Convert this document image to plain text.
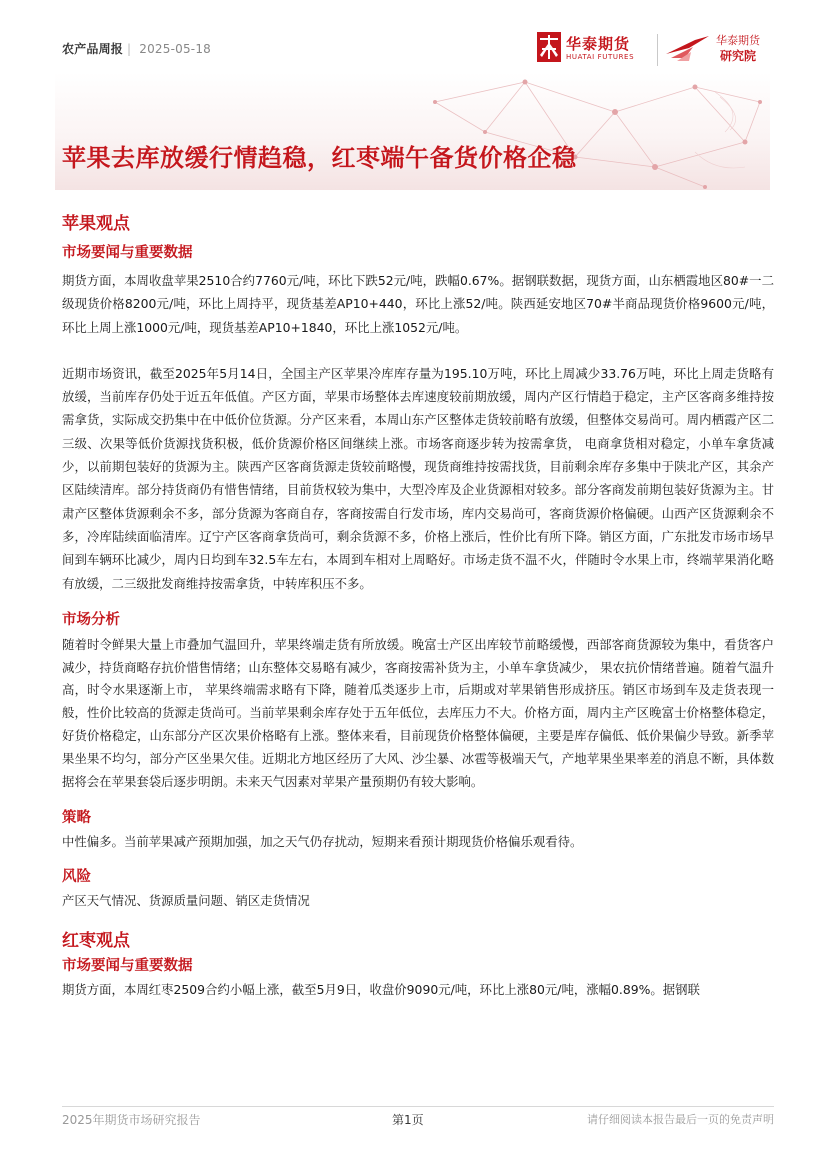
农产品周报 | 2025-05-18	华泰期货
HUATAI FUTURES
华泰期货
研究院
苹果去库放缓行情趋稳，红枣端午备货价格企稳
苹果观点
市场要闻与重要数据

期货方面，本周收盘苹果2510合约7760元/吨，环比下跌52元/吨，跌幅0.67%。据钢联数据，现货方面，山东栖霞地区80#一二级现货价格8200元/吨，环比上周持平，现货基差AP10+440，环比上涨52/吨。陕西延安地区70#半商品现货价格9600元/吨，环比上周上涨1000元/吨，现货基差AP10+1840，环比上涨1052元/吨。

近期市场资讯，截至2025年5月14日，全国主产区苹果冷库库存量为195.10万吨，环比上周减少33.76万吨，环比上周走货略有放缓，当前库存仍处于近五年低值。产区方面，苹果市场整体去库速度较前期放缓，周内产区行情趋于稳定，主产区客商多维持按需拿货，实际成交扔集中在中低价位货源。分产区来看，本周山东产区整体走货较前略有放缓，但整体交易尚可。周内栖霞产区二三级、次果等低价货源找货积极，低价货源价格区间继续上涨。市场客商逐步转为按需拿货， 电商拿货相对稳定，小单车拿货减少，以前期包装好的货源为主。陕西产区客商货源走货较前略慢，现货商维持按需找货，目前剩余库存多集中于陕北产区，其余产区陆续清库。部分持货商仍有惜售情绪，目前货权较为集中，大型冷库及企业货源相对较多。部分客商发前期包装好货源为主。甘肃产区整体货源剩余不多，部分货源为客商自存，客商按需自行发市场，库内交易尚可，客商货源价格偏硬。山西产区货源剩余不多，冷库陆续面临清库。辽宁产区客商拿货尚可，剩余货源不多，价格上涨后，性价比有所下降。销区方面，广东批发市场市场早间到车辆环比减少，周内日均到车32.5车左右，本周到车相对上周略好。市场走货不温不火，伴随时令水果上市，终端苹果消化略有放缓，二三级批发商维持按需拿货，中转库积压不多。

市场分析

随着时令鲜果大量上市叠加气温回升，苹果终端走货有所放缓。晚富士产区出库较节前略缓慢，西部客商货源较为集中，看货客户减少，持货商略存抗价惜售情绪；山东整体交易略有减少，客商按需补货为主，小单车拿货减少， 果农抗价情绪普遍。随着气温升高，时令水果逐渐上市， 苹果终端需求略有下降，随着瓜类逐步上市，后期或对苹果销售形成挤压。销区市场到车及走货表现一般，性价比较高的货源走货尚可。当前苹果剩余库存处于五年低位，去库压力不大。价格方面，周内主产区晚富士价格整体稳定，好货价格稳定，山东部分产区次果价格略有上涨。整体来看，目前现货价格整体偏硬，主要是库存偏低、低价果偏少导致。新季苹果坐果不均匀，部分产区坐果欠佳。近期北方地区经历了大风、沙尘暴、冰雹等极端天气，产地苹果坐果率差的消息不断，具体数据将会在苹果套袋后逐步明朗。未来天气因素对苹果产量预期仍有较大影响。

策略

中性偏多。当前苹果减产预期加强，加之天气仍存扰动，短期来看预计期现货价格偏乐观看待。

风险

产区天气情况、货源质量问题、销区走货情况

红枣观点
市场要闻与重要数据

期货方面，本周红枣2509合约小幅上涨，截至5月9日，收盘价9090元/吨，环比上涨80元/吨，涨幅0.89%。据钢联

2025年期货市场研究报告	第1页	请仔细阅读本报告最后一页的免责声明
